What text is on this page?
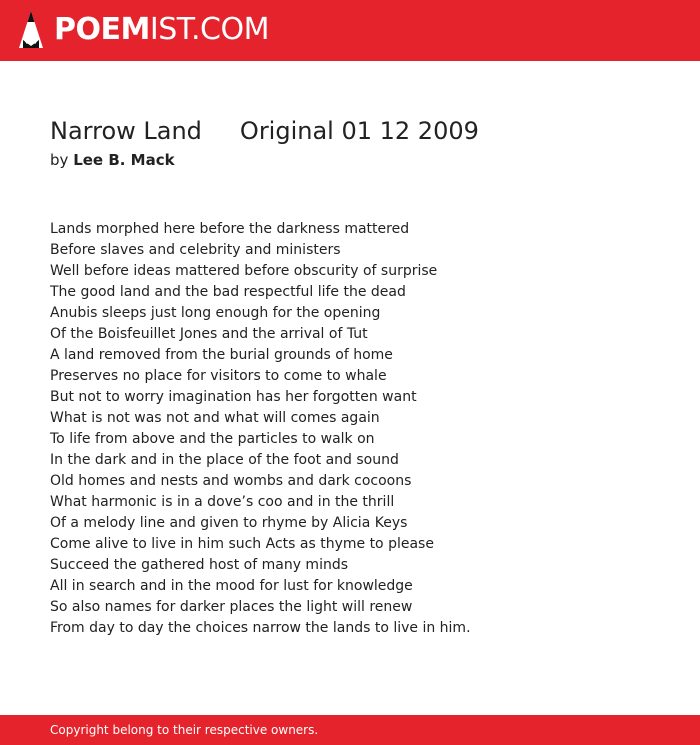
POEMIST.COM
Narrow Land Original 01 12 2009
by Lee B. Mack
Lands morphed here before the darkness mattered
Before slaves and celebrity and ministers
Well before ideas mattered before obscurity of surprise
The good land and the bad respectful life the dead
Anubis sleeps just long enough for the opening
Of the Boisfeuillet Jones and the arrival of Tut
A land removed from the burial grounds of home
Preserves no place for visitors to come to whale
But not to worry imagination has her forgotten want
What is not was not and what will comes again
To life from above and the particles to walk on
In the dark and in the place of the foot and sound
Old homes and nests and wombs and dark cocoons
What harmonic is in a dove’s coo and in the thrill
Of a melody line and given to rhyme by Alicia Keys
Come alive to live in him such Acts as thyme to please
Succeed the gathered host of many minds
All in search and in the mood for lust for knowledge
So also names for darker places the light will renew
From day to day the choices narrow the lands to live in him.
Copyright belong to their respective owners.
